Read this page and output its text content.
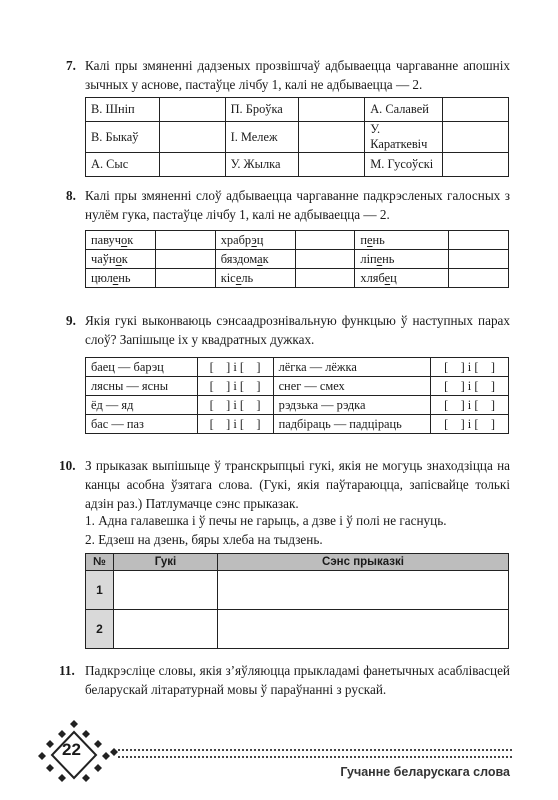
7. Калі пры змяненні дадзеных прозвішчаў адбываецца чаргаванне апошніх зычных у аснове, пастаўце лічбу 1, калі не адбываецца — 2.
В. Шніп		П. Броўка		А. Салавей	
В. Быкаў		І. Мележ		У. Караткевіч	
А. Сыс		У. Жылка		М. Гусоўскі	
8. Калі пры змяненні слоў адбываецца чаргаванне падкрэсленых галосных з нулём гука, пастаўце лічбу 1, калі не адбываецца — 2.
павучок		храбрэц		пень	
чаўнок		бяздомак		ліпень	
цюлень		кісель		хлябец	
9. Якія гукі выконваюць сэнсаадрознівальную функцыю ў наступных парах слоў? Запішыце іх у квадратных дужках.
баец — барэц	[    ] і [    ]	лёгка — лёжка	[    ] і [    ]
лясны — ясны	[    ] і [    ]	снег — смех	[    ] і [    ]
ёд — яд	[    ] і [    ]	рэдзька — рэдка	[    ] і [    ]
бас — паз	[    ] і [    ]	падбіраць — падціраць	[    ] і [    ]
10. З прыказак выпішыце ў транскрыпцыі гукі, якія не могуць знаходзіцца на канцы асобна ўзятага слова. (Гукі, якія паўтараюцца, запісвайце толькі адзін раз.) Патлумачце сэнс прыказак.
1. Адна галавешка і ў печы не гарыць, а дзве і ў полі не гаснуць.
2. Едзеш на дзень, бяры хлеба на тыдзень.
№	Гукі	Сэнс прыказкі
1		
2		
11. Падкрэсліце словы, якія з’яўляюцца прыкладамі фанетычных асаблівасцей беларускай літаратурнай мовы ў параўнанні з рускай.
22
Гучанне беларускага слова
